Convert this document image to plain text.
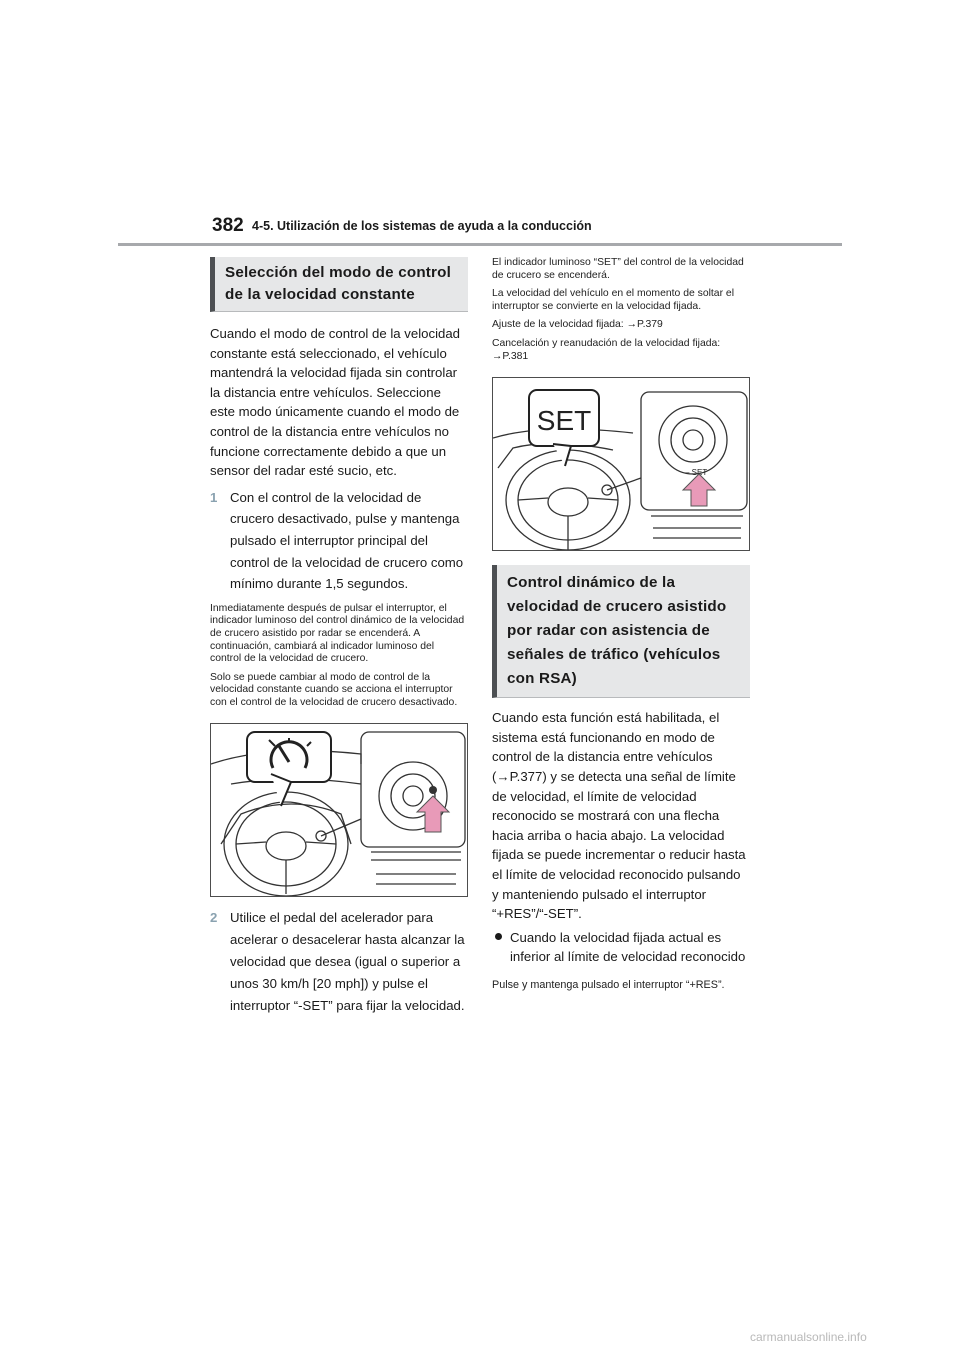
382 4-5. Utilización de los sistemas de ayuda a la conducción
Selección del modo de control de la velocidad constante

Cuando el modo de control de la velocidad constante está seleccionado, el vehículo mantendrá la velocidad fijada sin controlar la distancia entre vehículos. Seleccione este modo únicamente cuando el modo de control de la distancia entre vehículos no funcione correctamente debido a que un sensor del radar esté sucio, etc.

1 Con el control de la velocidad de crucero desactivado, pulse y mantenga pulsado el interruptor principal del control de la velocidad de crucero como mínimo durante 1,5 segundos.

Inmediatamente después de pulsar el interruptor, el indicador luminoso del control dinámico de la velocidad de crucero asistido por radar se encenderá. A continuación, cambiará al indicador luminoso del control de la velocidad de crucero.

Solo se puede cambiar al modo de control de la velocidad constante cuando se acciona el interruptor con el control de la velocidad de crucero desactivado.

2 Utilice el pedal del acelerador para acelerar o desacelerar hasta alcanzar la velocidad que desea (igual o superior a unos 30 km/h [20 mph]) y pulse el interruptor “-SET” para fijar la velocidad.

El indicador luminoso “SET” del control de la velocidad de crucero se encenderá.

La velocidad del vehículo en el momento de soltar el interruptor se convierte en la velocidad fijada.

Ajuste de la velocidad fijada: →P.379

Cancelación y reanudación de la velocidad fijada: →P.381

SET
– SET
Control dinámico de la velocidad de crucero asistido por radar con asistencia de señales de tráfico (vehículos con RSA)

Cuando esta función está habilitada, el sistema está funcionando en modo de control de la distancia entre vehículos (→P.377) y se detecta una señal de límite de velocidad, el límite de velocidad reconocido se mostrará con una flecha hacia arriba o hacia abajo. La velocidad fijada se puede incrementar o reducir hasta el límite de velocidad reconocido pulsando y manteniendo pulsado el interruptor “+RES”/“-SET”.

Cuando la velocidad fijada actual es inferior al límite de velocidad reconocido

Pulse y mantenga pulsado el interruptor “+RES”.

carmanualsonline.info
